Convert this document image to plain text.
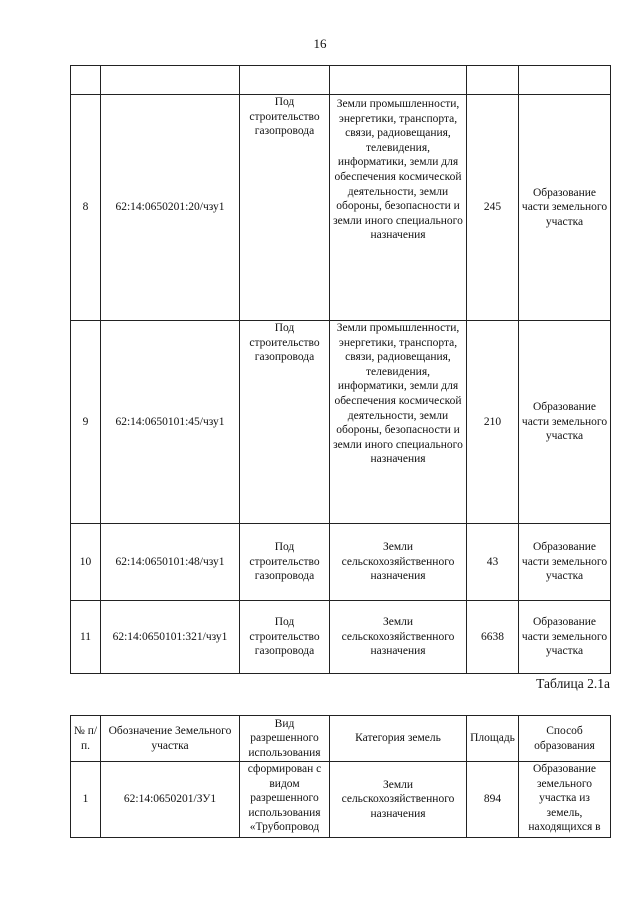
16

8	62:14:0650201:20/чзу1	Под строительство газопровода	Земли промышленности, энергетики, транспорта, связи, радиовещания, телевидения, информатики, земли для обеспечения космической деятельности, земли обороны, безопасности и земли иного специального назначения	245	Образование части земельного участка
9	62:14:0650101:45/чзу1	Под строительство газопровода	Земли промышленности, энергетики, транспорта, связи, радиовещания, телевидения, информатики, земли для обеспечения космической деятельности, земли обороны, безопасности и земли иного специального назначения	210	Образование части земельного участка
10	62:14:0650101:48/чзу1	Под строительство газопровода	Земли сельскохозяйственного назначения	43	Образование части земельного участка
11	62:14:0650101:321/чзу1	Под строительство газопровода	Земли сельскохозяйственного назначения	6638	Образование части земельного участка
Таблица 2.1а
№ п/п.	Обозначение Земельного участка	Вид разрешенного использования	Категория земель	Площадь	Способ образования
1	62:14:0650201/ЗУ1	сформирован с видом разрешенного использования «Трубопровод	Земли сельскохозяйственного назначения	894	Образование земельного участка из земель, находящихся в
